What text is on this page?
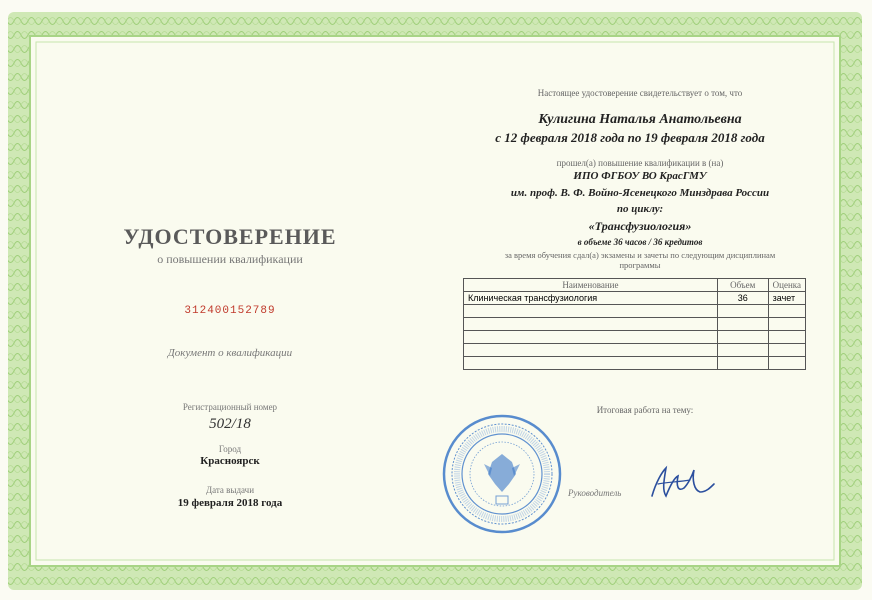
УДОСТОВЕРЕНИЕ
о повышении квалификации
312400152789
Документ о квалификации
Регистрационный номер
502/18
Город
Красноярск
Дата выдачи
19 февраля 2018 года
Настоящее удостоверение свидетельствует о том, что
Кулигина Наталья Анатольевна
с 12 февраля 2018 года по 19 февраля 2018 года
прошел(а) повышение квалификации в (на)
ИПО ФГБОУ ВО КрасГМУ
им. проф. В. Ф. Войно-Ясенецкого Минздрава России
по циклу:
«Трансфузиология»
в объеме 36 часов / 36 кредитов
за время обучения сдал(а) экзамены и зачеты по следующим дисциплинам
программы
Наименование	Объем	Оценка
Клиническая трансфузиология	36	зачет

Итоговая работа на тему:
Руководитель
